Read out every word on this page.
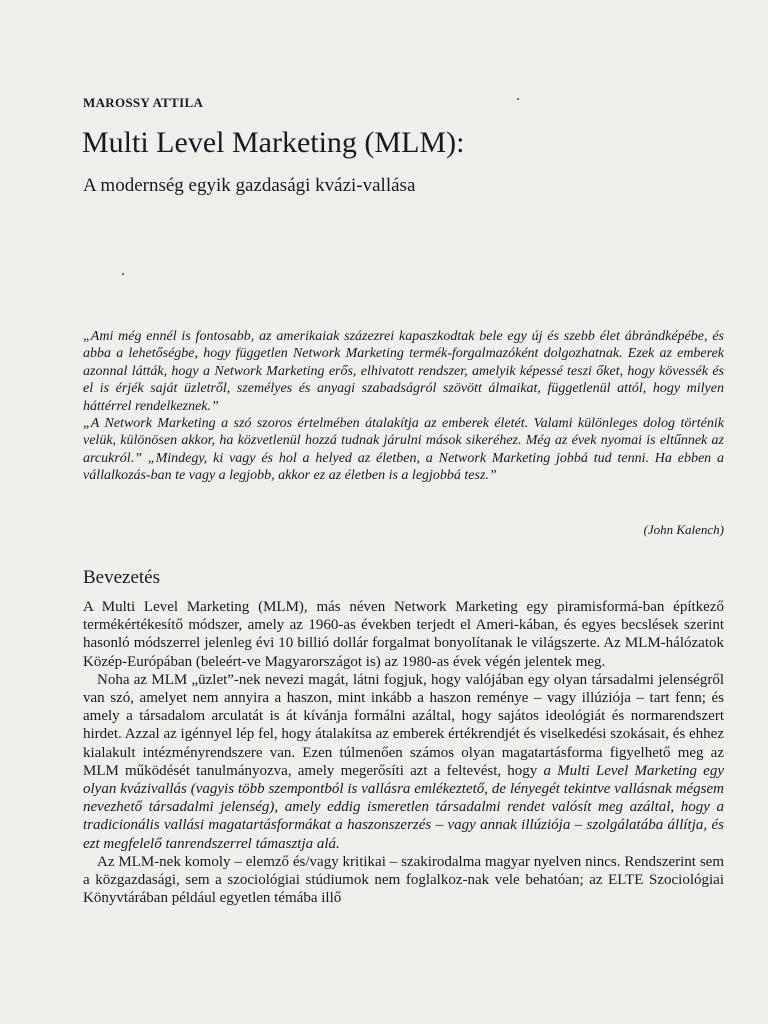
MAROSSY ATTILA
Multi Level Marketing (MLM):
A modernség egyik gazdasági kvázi-vallása

„Ami még ennél is fontosabb, az amerikaiak százezrei kapaszkodtak bele egy új és szebb élet ábrándképébe, és abba a lehetőségbe, hogy független Network Marketing termék-forgalmazóként dolgozhatnak. Ezek az emberek azonnal látták, hogy a Network Marketing erős, elhivatott rendszer, amelyik képessé teszi őket, hogy kövessék és el is érjék saját üzletről, személyes és anyagi szabadságról szövött álmaikat, függetlenül attól, hogy milyen háttérrel rendelkeznek.”

„A Network Marketing a szó szoros értelmében átalakítja az emberek életét. Valami különleges dolog történik velük, különösen akkor, ha közvetlenül hozzá tudnak járulni mások sikeréhez. Még az évek nyomai is eltűnnek az arcukról.” „Mindegy, ki vagy és hol a helyed az életben, a Network Marketing jobbá tud tenni. Ha ebben a vállalkozás-ban te vagy a legjobb, akkor ez az életben is a legjobbá tesz.”

(John Kalench)
Bevezetés

A Multi Level Marketing (MLM), más néven Network Marketing egy piramisformá-ban építkező termékértékesítő módszer, amely az 1960-as években terjedt el Ameri-kában, és egyes becslések szerint hasonló módszerrel jelenleg évi 10 billió dollár forgalmat bonyolítanak le világszerte. Az MLM-hálózatok Közép-Európában (beleért-ve Magyarországot is) az 1980-as évek végén jelentek meg.

Noha az MLM „üzlet”-nek nevezi magát, látni fogjuk, hogy valójában egy olyan társadalmi jelenségről van szó, amelyet nem annyira a haszon, mint inkább a haszon reménye – vagy illúziója – tart fenn; és amely a társadalom arculatát is át kívánja formálni azáltal, hogy sajátos ideológiát és normarendszert hirdet. Azzal az igénnyel lép fel, hogy átalakítsa az emberek értékrendjét és viselkedési szokásait, és ehhez kialakult intézményrendszere van. Ezen túlmenően számos olyan magatartásforma figyelhető meg az MLM működését tanulmányozva, amely megerősíti azt a feltevést, hogy a Multi Level Marketing egy olyan kvázivallás (vagyis több szempontból is vallásra emlékeztető, de lényegét tekintve vallásnak mégsem nevezhető társadalmi jelenség), amely eddig ismeretlen társadalmi rendet valósít meg azáltal, hogy a tradicionális vallási magatartásformákat a haszonszerzés – vagy annak illúziója – szolgálatába állítja, és ezt megfelelő tanrendszerrel támasztja alá.

Az MLM-nek komoly – elemző és/vagy kritikai – szakirodalma magyar nyelven nincs. Rendszerint sem a közgazdasági, sem a szociológiai stúdiumok nem foglalkoz-nak vele behatóan; az ELTE Szociológiai Könyvtárában például egyetlen témába illő
